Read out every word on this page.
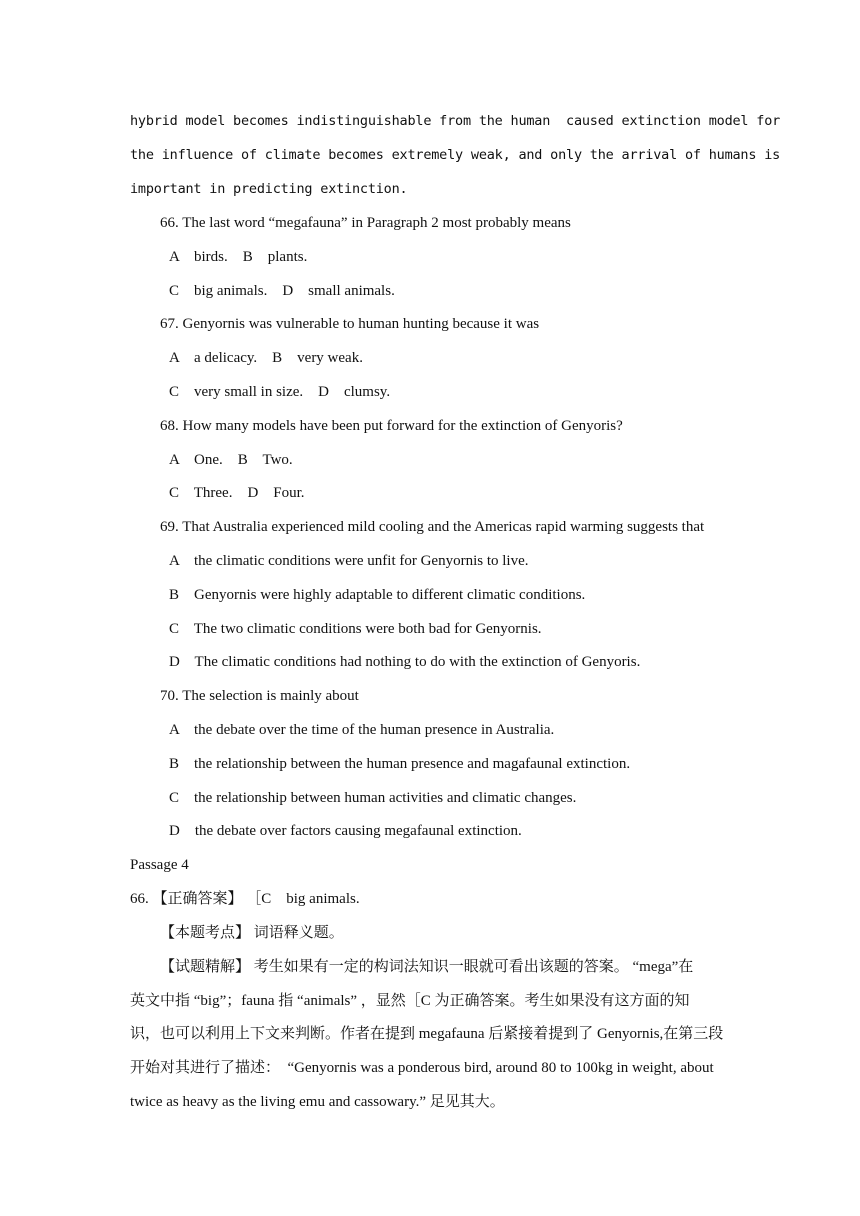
hybrid model becomes indistinguishable from the human  caused extinction model for
the influence of climate becomes extremely weak, and only the arrival of humans is
important in predicting extinction.
66. The last word “megafauna” in Paragraph 2 most probably means
A    birds.    B    plants.
C    big animals.    D    small animals.
67. Genyornis was vulnerable to human hunting because it was
A    a delicacy.    B    very weak.
C    very small in size.    D    clumsy.
68. How many models have been put forward for the extinction of Genyoris?
A    One.    B    Two.
C    Three.    D    Four.
69. That Australia experienced mild cooling and the Americas rapid warming suggests that
A    the climatic conditions were unfit for Genyornis to live.
B    Genyornis were highly adaptable to different climatic conditions.
C    The two climatic conditions were both bad for Genyornis.
D    The climatic conditions had nothing to do with the extinction of Genyoris.
70. The selection is mainly about
A    the debate over the time of the human presence in Australia.
B    the relationship between the human presence and magafaunal extinction.
C    the relationship between human activities and climatic changes.
D    the debate over factors causing megafaunal extinction.
Passage 4
66. 【正确答案】 ［C    big animals.
【本题考点】 词语释义题。
【试题精解】 考生如果有一定的构词法知识一眼就可看出该题的答案。 “mega”在
英文中指 “big”；fauna 指 “animals” ，显然［C 为正确答案。考生如果没有这方面的知
识，也可以利用上下文来判断。作者在提到 megafauna 后紧接着提到了 Genyornis,在第三段
开始对其进行了描述：  “Genyornis was a ponderous bird, around 80 to 100kg in weight, about
twice as heavy as the living emu and cassowary.” 足见其大。
